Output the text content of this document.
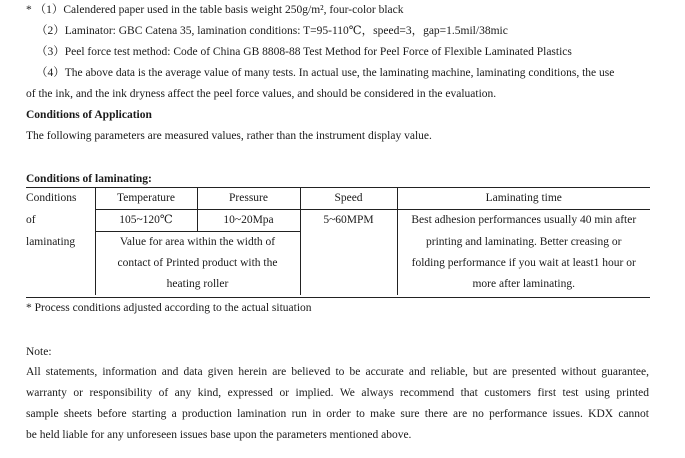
* （1）Calendered paper used in the table basis weight 250g/m², four-color black
（2）Laminator: GBC Catena 35, lamination conditions: T=95-110℃，speed=3，gap=1.5mil/38mic
（3）Peel force test method: Code of China GB 8808-88 Test Method for Peel Force of Flexible Laminated Plastics
（4）The above data is the average value of many tests. In actual use, the laminating machine, laminating conditions, the use
of the ink, and the ink dryness affect the peel force values, and should be considered in the evaluation.
Conditions of Application
The following parameters are measured values, rather than the instrument display value.
Conditions of laminating:
Conditions	Temperature	Pressure	Speed	Laminating time
of	105~120℃	10~20Mpa	5~60MPM	Best adhesion performances usually 40 min after
laminating	Value for area within the width of			printing and laminating. Better creasing or
	contact of Printed product with the			folding performance if you wait at least1 hour or
	heating roller			more after laminating.
* Process conditions adjusted according to the actual situation
Note:
All statements, information and data given herein are believed to be accurate and reliable, but are presented without guarantee,
warranty or responsibility of any kind, expressed or implied. We always recommend that customers first test using printed
sample sheets before starting a production lamination run in order to make sure there are no performance issues. KDX cannot
be held liable for any unforeseen issues base upon the parameters mentioned above.
